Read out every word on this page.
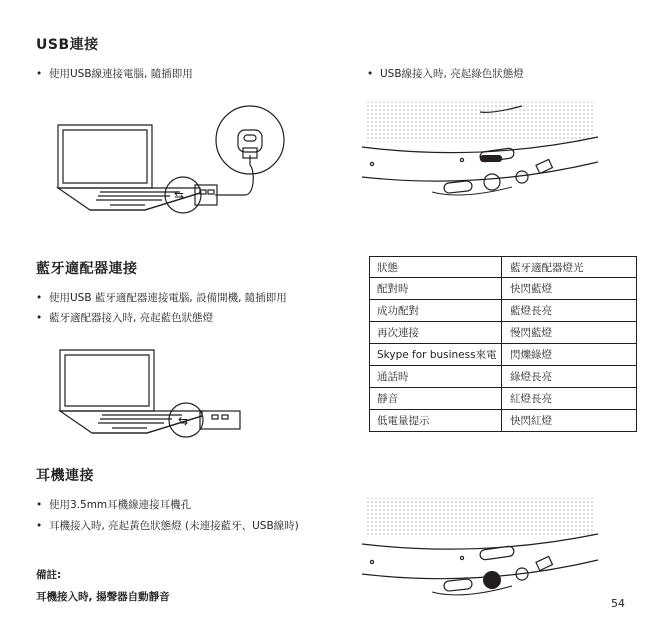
USB連接
• 使用USB線連接電腦, 隨插即用	• USB線接入時, 亮起綠色狀態燈
⇆
藍牙適配器連接
• 使用USB 藍牙適配器連接電腦, 設備開機, 隨插即用
• 藍牙適配器接入時, 亮起藍色狀態燈
⇆
狀態	藍牙適配器燈光
配對時	快閃藍燈
成功配對	藍燈長亮
再次連接	慢閃藍燈
Skype for business來電	閃爍綠燈
通話時	綠燈長亮
靜音	紅燈長亮
低電量提示	快閃紅燈
耳機連接
• 使用3.5mm耳機線連接耳機孔
• 耳機接入時, 亮起黃色狀態燈 (未連接藍牙、USB線時)
備註:
耳機接入時, 揚聲器自動靜音	54
